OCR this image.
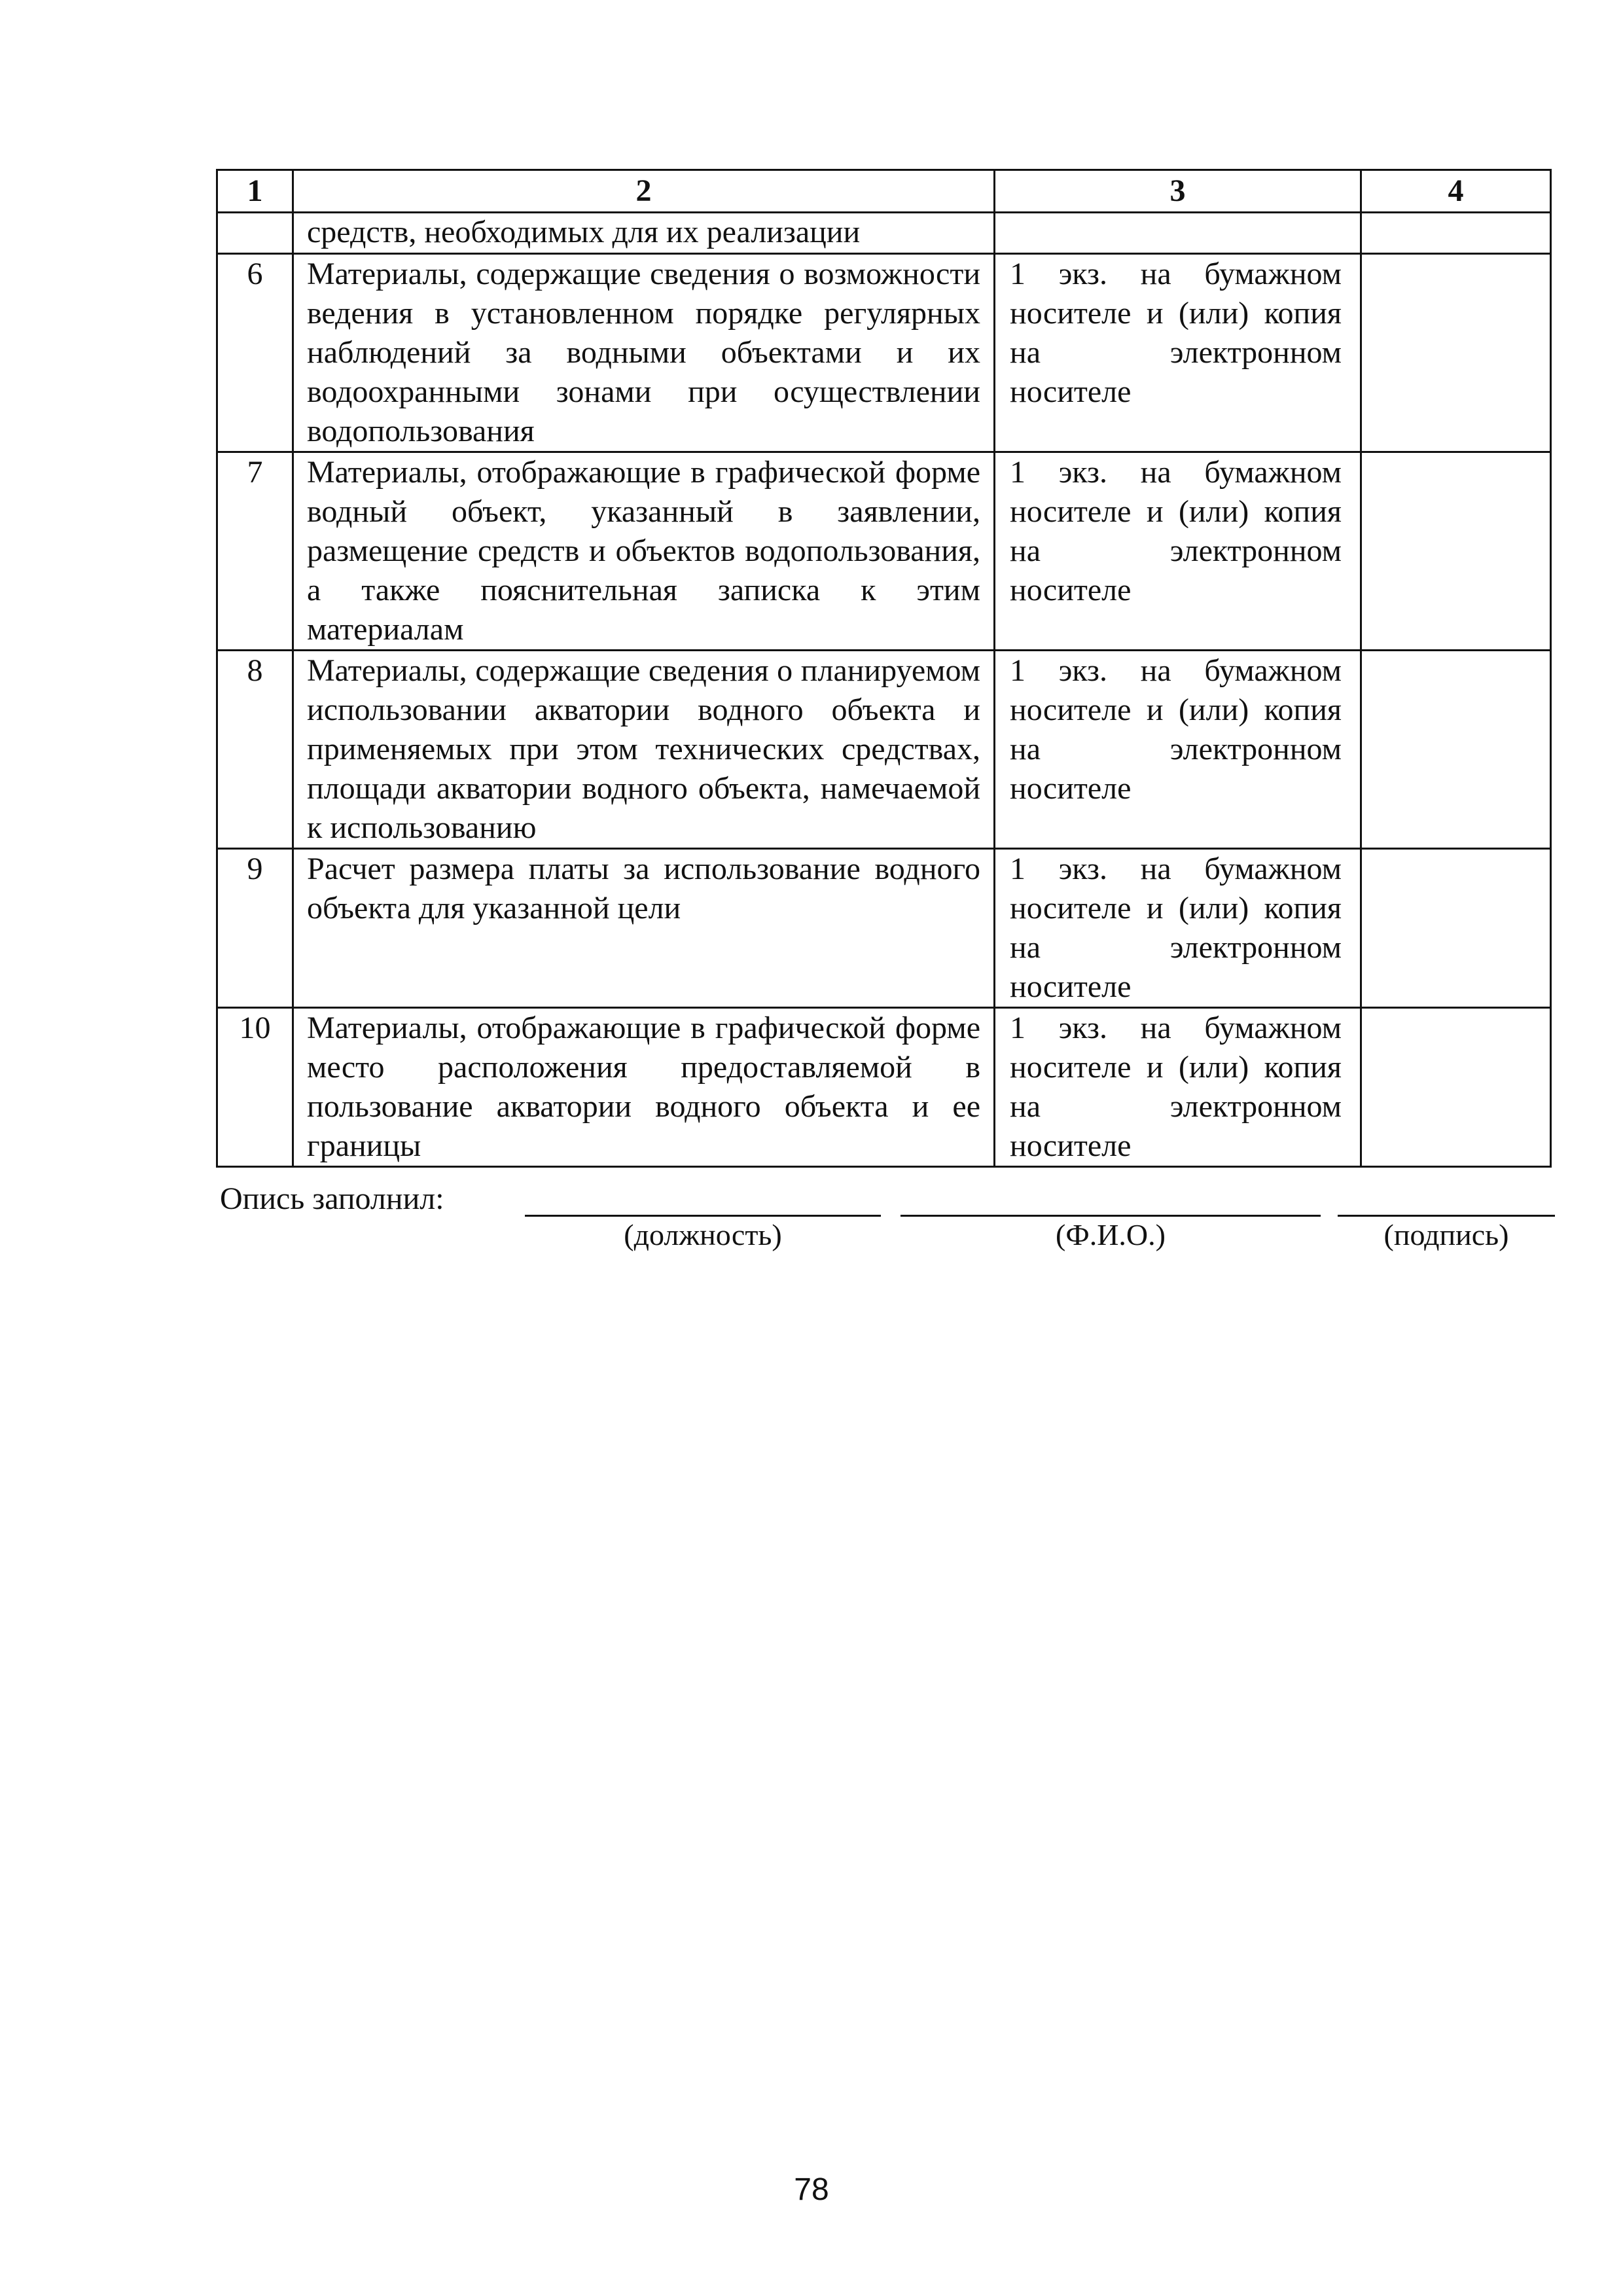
1	2	3	4
	средств, необходимых для их реализации		
6	Материалы, содержащие сведения о возможности ведения в установленном порядке регулярных наблюдений за водными объектами и их водоохранными зонами при осуществлении водопользования	1 экз. на бумажном носителе и (или) копия на электронном носителе	
7	Материалы, отображающие в графической форме водный объект, указанный в заявлении, размещение средств и объектов водопользования, а также пояснительная записка к этим материалам	1 экз. на бумажном носителе и (или) копия на электронном носителе	
8	Материалы, содержащие сведения о планируемом использовании акватории водного объекта и применяемых при этом технических средствах, площади акватории водного объекта, намечаемой к использованию	1 экз. на бумажном носителе и (или) копия на электронном носителе	
9	Расчет размера платы за использование водного объекта для указанной цели	1 экз. на бумажном носителе и (или) копия на электронном носителе	
10	Материалы, отображающие в графической форме место расположения предоставляемой в пользование акватории водного объекта и ее границы	1 экз. на бумажном носителе и (или) копия на электронном носителе	
Опись заполнил:
(должность)	(Ф.И.О.)	(подпись)
78
